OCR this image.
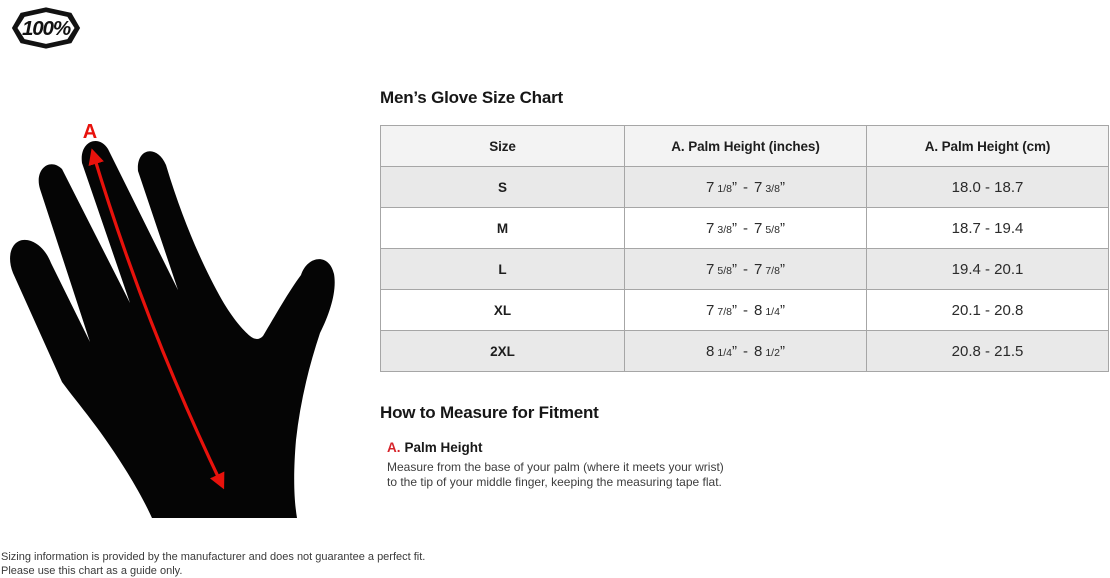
100%
A
Men’s Glove Size Chart
Size	A. Palm Height (inches)	A. Palm Height (cm)
S	7 1/8” - 7 3/8”	18.0 - 18.7
M	7 3/8” - 7 5/8”	18.7 - 19.4
L	7 5/8” - 7 7/8”	19.4 - 20.1
XL	7 7/8” - 8 1/4”	20.1 - 20.8
2XL	8 1/4” - 8 1/2”	20.8 - 21.5
How to Measure for Fitment
A. Palm Height
Measure from the base of your palm (where it meets your wrist) to the tip of your middle finger, keeping the measuring tape flat.
Sizing information is provided by the manufacturer and does not guarantee a perfect fit.
Please use this chart as a guide only.
